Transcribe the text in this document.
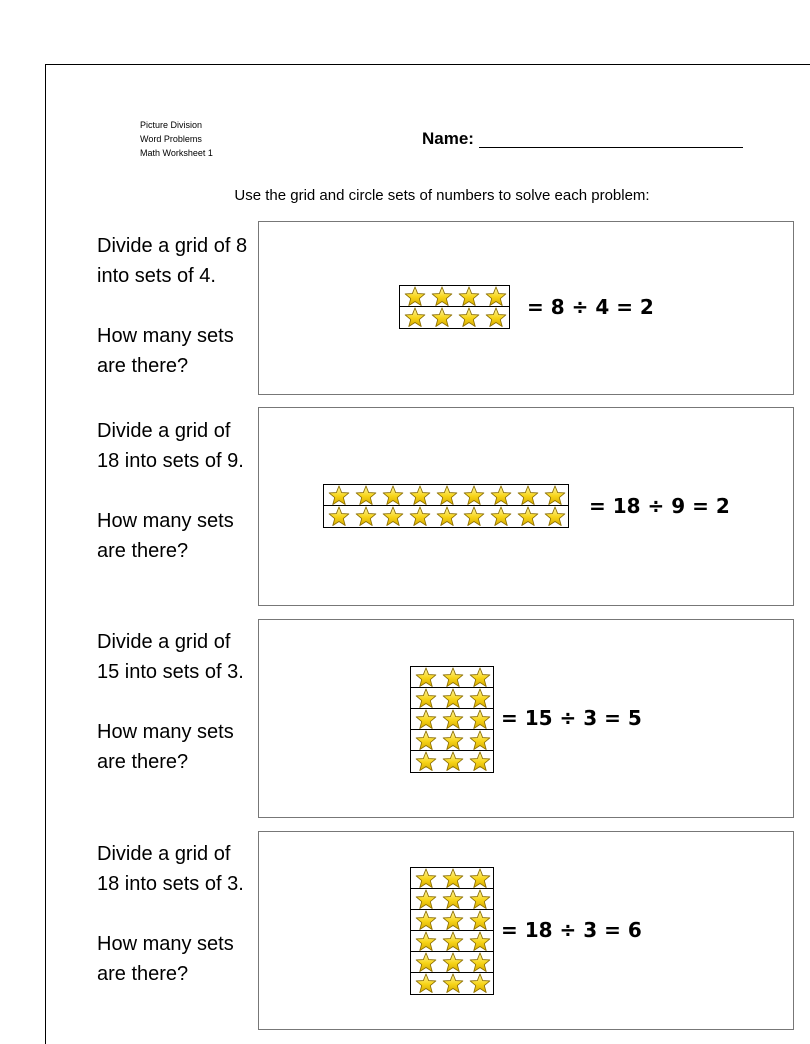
Picture Division
Word Problems
Math Worksheet 1
Name:
Use the grid and circle sets of numbers to solve each problem:
Divide a grid of 8 into sets of 4.
How many sets are there?
= 8 ÷ 4 = 2
Divide a grid of 18 into sets of 9.
How many sets are there?
= 18 ÷ 9 = 2
Divide a grid of 15 into sets of 3.
How many sets are there?
= 15 ÷ 3 = 5
Divide a grid of 18 into sets of 3.
How many sets are there?
= 18 ÷ 3 = 6
